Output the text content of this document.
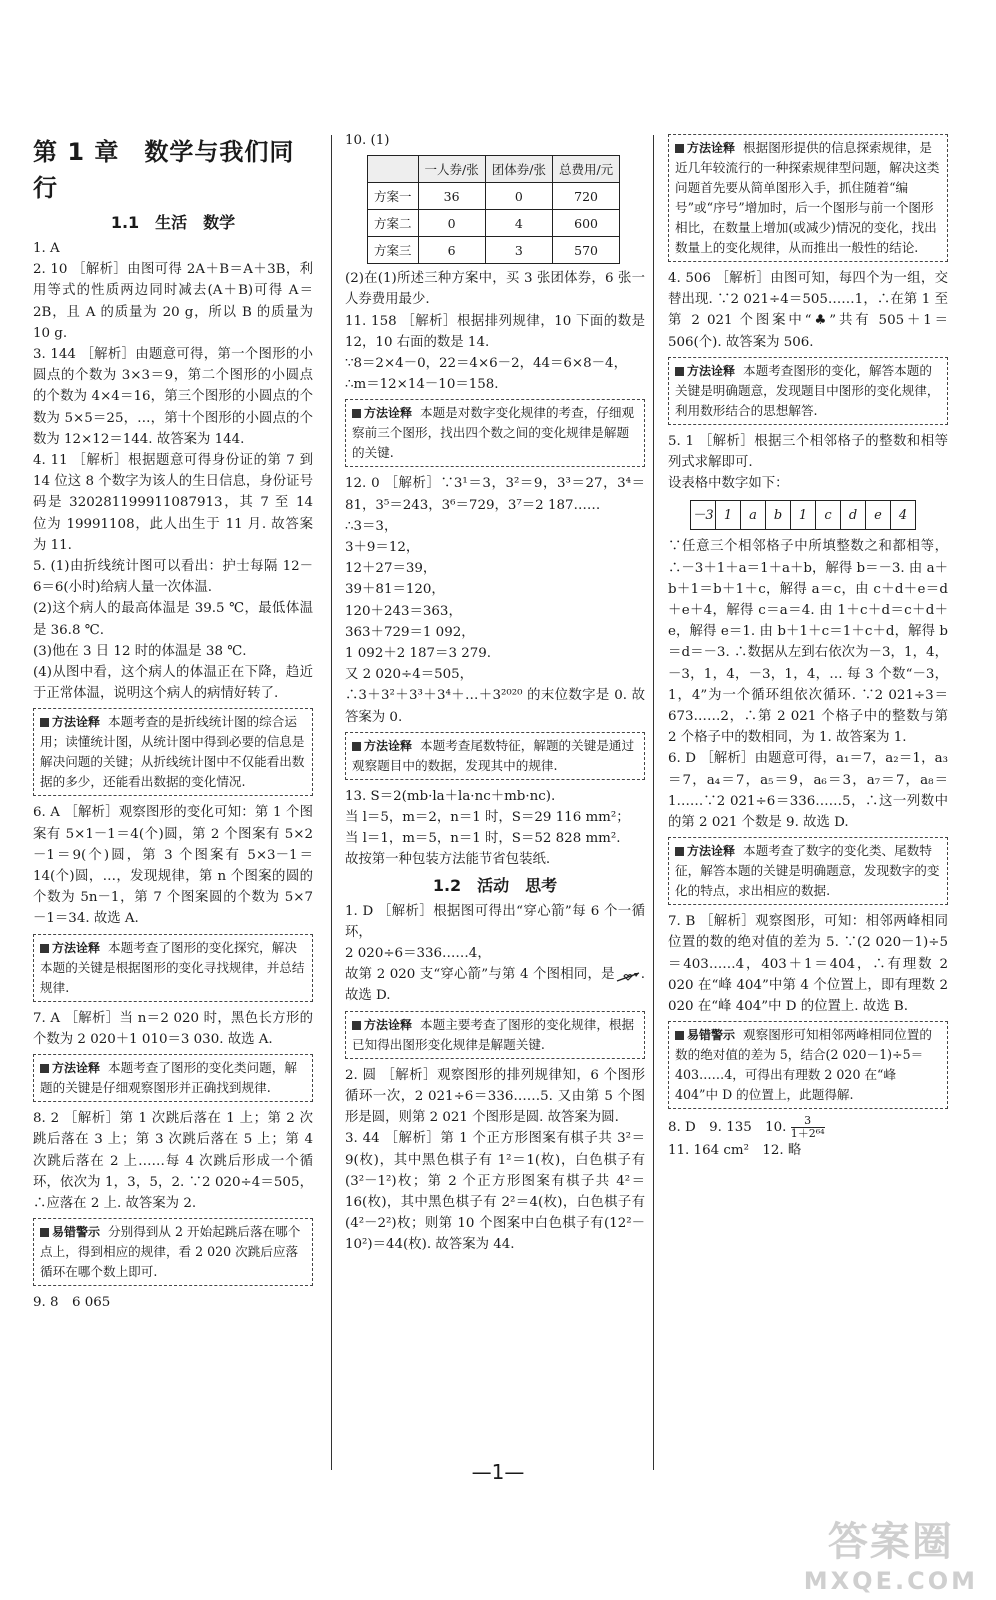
第 1 章　数学与我们同行
1.1　生活　数学

1. A

2. 10 ［解析］由图可得 2A＋B＝A＋3B，利用等式的性质两边同时减去(A＋B)可得 A＝2B，且 A 的质量为 20 g，所以 B 的质量为 10 g.

3. 144 ［解析］由题意可得，第一个图形的小圆点的个数为 3×3＝9，第二个图形的小圆点的个数为 4×4＝16，第三个图形的小圆点的个数为 5×5＝25，…，第十个图形的小圆点的个数为 12×12＝144. 故答案为 144.

4. 11 ［解析］根据题意可得身份证的第 7 到 14 位这 8 个数字为该人的生日信息，身份证号码是 320281199911087913，其 7 至 14 位为 19991108，此人出生于 11 月. 故答案为 11.

5. (1)由折线统计图可以看出：护士每隔 12－6＝6(小时)给病人量一次体温.

(2)这个病人的最高体温是 39.5 ℃，最低体温是 36.8 ℃.

(3)他在 3 日 12 时的体温是 38 ℃.

(4)从图中看，这个病人的体温正在下降，趋近于正常体温，说明这个病人的病情好转了.

方法诠释 本题考查的是折线统计图的综合运用；读懂统计图，从统计图中得到必要的信息是解决问题的关键；从折线统计图中不仅能看出数据的多少，还能看出数据的变化情况.

6. A ［解析］观察图形的变化可知：第 1 个图案有 5×1－1＝4(个)圆，第 2 个图案有 5×2－1＝9(个)圆，第 3 个图案有 5×3－1＝14(个)圆，…，发现规律，第 n 个图案的圆的个数为 5n－1，第 7 个图案圆的个数为 5×7－1＝34. 故选 A.

方法诠释 本题考查了图形的变化探究，解决本题的关键是根据图形的变化寻找规律，并总结规律.

7. A ［解析］当 n＝2 020 时，黑色长方形的个数为 2 020＋1 010＝3 030. 故选 A.

方法诠释 本题考查了图形的变化类问题，解题的关键是仔细观察图形并正确找到规律.

8. 2 ［解析］第 1 次跳后落在 1 上；第 2 次跳后落在 3 上；第 3 次跳后落在 5 上；第 4 次跳后落在 2 上……每 4 次跳后形成一个循环，依次为 1，3，5，2. ∵2 020÷4＝505，∴应落在 2 上. 故答案为 2.

易错警示 分别得到从 2 开始起跳后落在哪个点上，得到相应的规律，看 2 020 次跳后应落循环在哪个数上即可.

9. 8　6 065

10. (1)

	一人券/张	团体券/张	总费用/元
方案一	36	0	720
方案二	0	4	600
方案三	6	3	570

(2)在(1)所述三种方案中，买 3 张团体券，6 张一人券费用最少.

11. 158 ［解析］根据排列规律，10 下面的数是 12，10 右面的数是 14.

∵8＝2×4－0，22＝4×6－2，44＝6×8－4，

∴m＝12×14－10＝158.

方法诠释 本题是对数字变化规律的考查，仔细观察前三个图形，找出四个数之间的变化规律是解题的关键.

12. 0 ［解析］∵3¹＝3，3²＝9，3³＝27，3⁴＝81，3⁵＝243，3⁶＝729，3⁷＝2 187……

∴3＝3，

3＋9＝12，

12＋27＝39，

39＋81＝120，

120＋243＝363，

363＋729＝1 092，

1 092＋2 187＝3 279.

又 2 020÷4＝505，

∴3＋3²＋3³＋3⁴＋…＋3²⁰²⁰ 的末位数字是 0. 故答案为 0.

方法诠释 本题考查尾数特征，解题的关键是通过观察题目中的数据，发现其中的规律.

13. S＝2(mb·la＋la·nc＋mb·nc).

当 l＝5，m＝2，n＝1 时，S＝29 116 mm²；

当 l＝1，m＝5，n＝1 时，S＝52 828 mm².

故按第一种包装方法能节省包装纸.

1.2　活动　思考

1. D ［解析］根据图可得出“穿心箭”每 6 个一循环，

2 020÷6＝336……4，

故第 2 020 支“穿心箭”与第 4 个图相同，是 . 故选 D.

方法诠释 本题主要考查了图形的变化规律，根据已知得出图形变化规律是解题关键.

2. 圆 ［解析］观察图形的排列规律知，6 个图形循环一次，2 021÷6＝336……5. 又由第 5 个图形是圆，则第 2 021 个图形是圆. 故答案为圆.

3. 44 ［解析］第 1 个正方形图案有棋子共 3²＝9(枚)，其中黑色棋子有 1²＝1(枚)，白色棋子有(3²－1²)枚；第 2 个正方形图案有棋子共 4²＝16(枚)，其中黑色棋子有 2²＝4(枚)，白色棋子有(4²－2²)枚；则第 10 个图案中白色棋子有(12²－10²)＝44(枚). 故答案为 44.

方法诠释 根据图形提供的信息探索规律，是近几年较流行的一种探索规律型问题，解决这类问题首先要从简单图形入手，抓住随着“编号”或“序号”增加时，后一个图形与前一个图形相比，在数量上增加(或减少)情况的变化，找出数量上的变化规律，从而推出一般性的结论.

4. 506 ［解析］由图可知，每四个为一组，交替出现. ∵2 021÷4＝505……1，∴在第 1 至第 2 021 个图案中“♣”共有 505＋1＝506(个). 故答案为 506.

方法诠释 本题考查图形的变化，解答本题的关键是明确题意，发现题目中图形的变化规律，利用数形结合的思想解答.

5. 1 ［解析］根据三个相邻格子的整数和相等列式求解即可.

设表格中数字如下：

－3	1	a	b	1	c	d	e	4

∵任意三个相邻格子中所填整数之和都相等，∴－3＋1＋a＝1＋a＋b，解得 b＝－3. 由 a＋b＋1＝b＋1＋c，解得 a＝c，由 c＋d＋e＝d＋e＋4，解得 c＝a＝4. 由 1＋c＋d＝c＋d＋e，解得 e＝1. 由 b＋1＋c＝1＋c＋d，解得 b＝d＝－3. ∴数据从左到右依次为－3，1，4，－3，1，4，－3，1，4，… 每 3 个数“－3，1，4”为一个循环组依次循环. ∵2 021÷3＝673……2，∴第 2 021 个格子中的整数与第 2 个格子中的数相同，为 1. 故答案为 1.

6. D ［解析］由题意可得，a₁＝7，a₂＝1，a₃＝7，a₄＝7，a₅＝9，a₆＝3，a₇＝7，a₈＝1……∵2 021÷6＝336……5，∴这一列数中的第 2 021 个数是 9. 故选 D.

方法诠释 本题考查了数字的变化类、尾数特征，解答本题的关键是明确题意，发现数字的变化的特点，求出相应的数据.

7. B ［解析］观察图形，可知：相邻两峰相同位置的数的绝对值的差为 5. ∵(2 020－1)÷5＝403……4，403＋1＝404，∴有理数 2 020 在“峰 404”中第 4 个位置上，即有理数 2 020 在“峰 404”中 D 的位置上. 故选 B.

易错警示 观察图形可知相邻两峰相同位置的数的绝对值的差为 5，结合(2 020－1)÷5＝403……4，可得出有理数 2 020 在“峰 404”中 D 的位置上，此题得解.

8. D　9. 135　10. $\frac{3}{\text{1＋2⁶⁴}}$

11. 164 cm²　12. 略

—1—
答案圈
MXQE.COM
